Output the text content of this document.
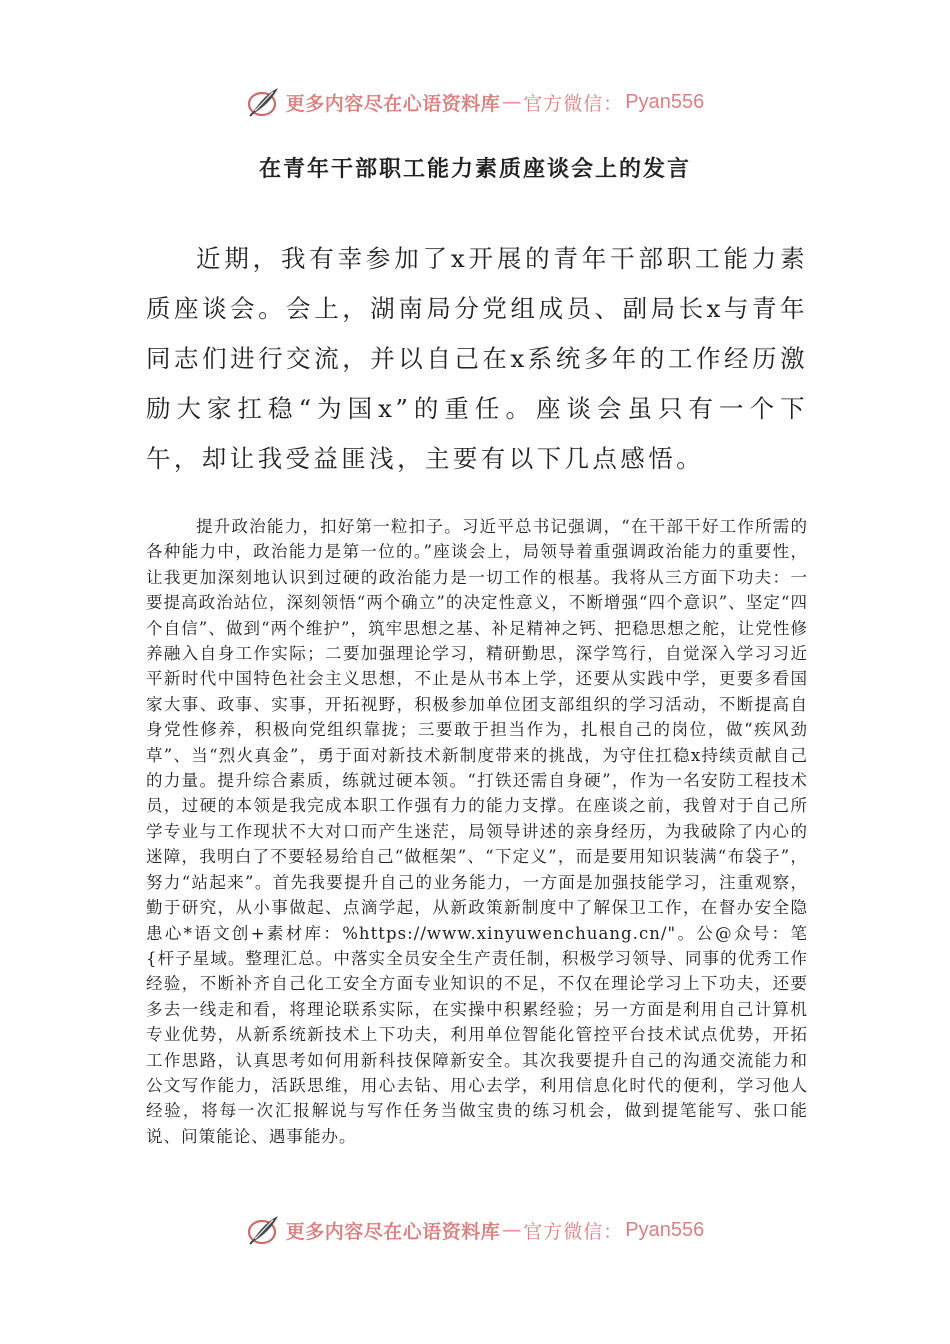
更多内容尽在心语资料库 — 官方微信： Pyan556
在青年干部职工能力素质座谈会上的发言

近期，我有幸参加了x开展的青年干部职工能力素质座谈会。会上，湖南局分党组成员、副局长x与青年同志们进行交流，并以自己在x系统多年的工作经历激励大家扛稳“为国x”的重任。座谈会虽只有一个下午，却让我受益匪浅，主要有以下几点感悟。

提升政治能力，扣好第一粒扣子。习近平总书记强调，“在干部干好工作所需的各种能力中，政治能力是第一位的。”座谈会上，局领导着重强调政治能力的重要性，让我更加深刻地认识到过硬的政治能力是一切工作的根基。我将从三方面下功夫：一要提高政治站位，深刻领悟“两个确立”的决定性意义，不断增强“四个意识”、坚定“四个自信”、做到“两个维护”，筑牢思想之基、补足精神之钙、把稳思想之舵，让党性修养融入自身工作实际；二要加强理论学习，精研勤思，深学笃行，自觉深入学习习近平新时代中国特色社会主义思想，不止是从书本上学，还要从实践中学，更要多看国家大事、政事、实事，开拓视野，积极参加单位团支部组织的学习活动，不断提高自身党性修养，积极向党组织靠拢；三要敢于担当作为，扎根自己的岗位，做“疾风劲草”、当“烈火真金”，勇于面对新技术新制度带来的挑战，为守住扛稳x持续贡献自己的力量。提升综合素质，练就过硬本领。“打铁还需自身硬”，作为一名安防工程技术员，过硬的本领是我完成本职工作强有力的能力支撑。在座谈之前，我曾对于自己所学专业与工作现状不大对口而产生迷茫，局领导讲述的亲身经历，为我破除了内心的迷障，我明白了不要轻易给自己“做框架”、“下定义”，而是要用知识装满“布袋子”，努力“站起来”。首先我要提升自己的业务能力，一方面是加强技能学习，注重观察，勤于研究，从小事做起、点滴学起，从新政策新制度中了解保卫工作，在督办安全隐患心*语文创+素材库：%https://www.xinyuwenchuang.cn/"。公@众号：笔{杆子星域。整理汇总。中落实全员安全生产责任制，积极学习领导、同事的优秀工作经验，不断补齐自己化工安全方面专业知识的不足，不仅在理论学习上下功夫，还要多去一线走和看，将理论联系实际，在实操中积累经验；另一方面是利用自己计算机专业优势，从新系统新技术上下功夫，利用单位智能化管控平台技术试点优势，开拓工作思路，认真思考如何用新科技保障新安全。其次我要提升自己的沟通交流能力和公文写作能力，活跃思维，用心去钻、用心去学，利用信息化时代的便利，学习他人经验，将每一次汇报解说与写作任务当做宝贵的练习机会，做到提笔能写、张口能说、问策能论、遇事能办。

更多内容尽在心语资料库 — 官方微信： Pyan556
